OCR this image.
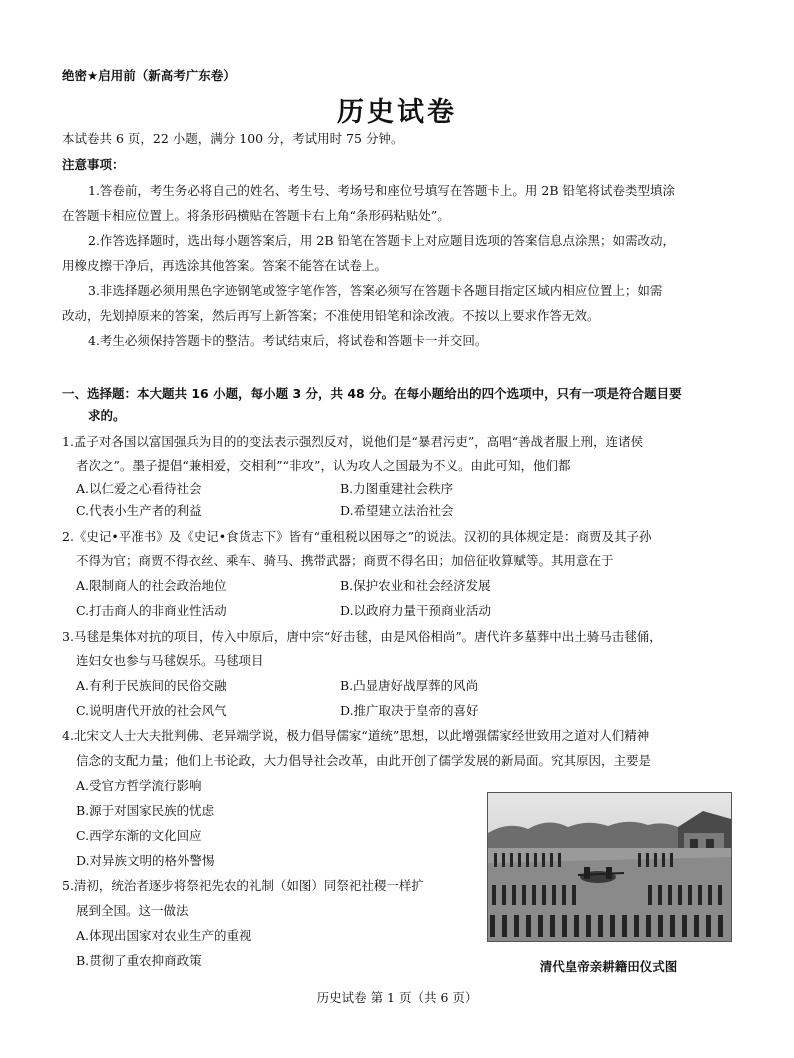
绝密★启用前（新高考广东卷）
历史试卷
本试卷共 6 页，22 小题，满分 100 分，考试用时 75 分钟。
注意事项：
1.答卷前，考生务必将自己的姓名、考生号、考场号和座位号填写在答题卡上。用 2B 铅笔将试卷类型填涂
在答题卡相应位置上。将条形码横贴在答题卡右上角“条形码粘贴处”。
2.作答选择题时，选出每小题答案后，用 2B 铅笔在答题卡上对应题目选项的答案信息点涂黑；如需改动，
用橡皮擦干净后，再选涂其他答案。答案不能答在试卷上。
3.非选择题必须用黑色字迹钢笔或签字笔作答，答案必须写在答题卡各题目指定区域内相应位置上；如需
改动，先划掉原来的答案，然后再写上新答案；不准使用铅笔和涂改液。不按以上要求作答无效。
4.考生必须保持答题卡的整洁。考试结束后，将试卷和答题卡一并交回。
一、选择题：本大题共 16 小题，每小题 3 分，共 48 分。在每小题给出的四个选项中，只有一项是符合题目要
求的。
1.孟子对各国以富国强兵为目的的变法表示强烈反对，说他们是“暴君污吏”，高唱“善战者服上刑，连诸侯
者次之”。墨子提倡“兼相爱，交相利”“非攻”，认为攻人之国最为不义。由此可知，他们都
A.以仁爱之心看待社会	B.力图重建社会秩序
C.代表小生产者的利益	D.希望建立法治社会
2.《史记•平准书》及《史记•食货志下》皆有“重租税以困辱之”的说法。汉初的具体规定是：商贾及其子孙
不得为官；商贾不得衣丝、乘车、骑马、携带武器；商贾不得名田；加倍征收算赋等。其用意在于
A.限制商人的社会政治地位	B.保护农业和社会经济发展
C.打击商人的非商业性活动	D.以政府力量干预商业活动
3.马毬是集体对抗的项目，传入中原后，唐中宗“好击毬，由是风俗相尚”。唐代许多墓葬中出土骑马击毬俑，
连妇女也参与马毬娱乐。马毬项目
A.有利于民族间的民俗交融	B.凸显唐好战厚葬的风尚
C.说明唐代开放的社会风气	D.推广取决于皇帝的喜好
4.北宋文人士大夫批判佛、老异端学说，极力倡导儒家“道统”思想，以此增强儒家经世致用之道对人们精神
信念的支配力量；他们上书论政，大力倡导社会改革，由此开创了儒学发展的新局面。究其原因，主要是
A.受官方哲学流行影响
B.源于对国家民族的忧虑
C.西学东渐的文化回应
D.对异族文明的格外警惕
5.清初，统治者逐步将祭祀先农的礼制（如图）同祭祀社稷一样扩
展到全国。这一做法
A.体现出国家对农业生产的重视
B.贯彻了重农抑商政策	清代皇帝亲耕籍田仪式图
历史试卷 第 1 页（共 6 页）
